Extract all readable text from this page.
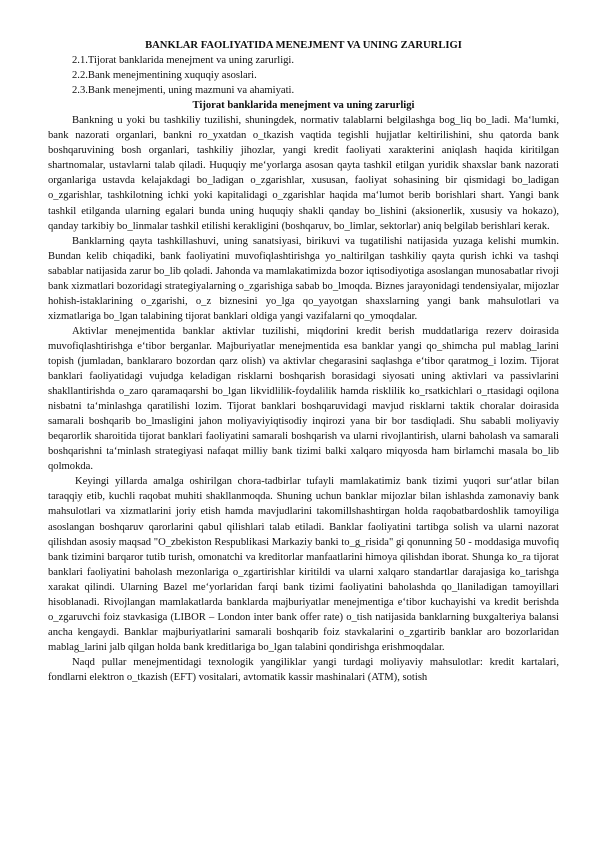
BANKLAR FAOLIYATIDA MENEJMENT VA UNING ZARURLIGI
2.1.Tijorat banklarida menejment va uning zarurligi.
2.2.Bank menejmentining xuquqiy asoslari.
2.3.Bank menejmenti, uning mazmuni va ahamiyati.
Tijorat banklarida menejment va uning zarurligi

Bankning u yoki bu tashkiliy tuzilishi, shuningdek, normativ talablarni belgilashga bog_liq bo_ladi. Ma‘lumki, bank nazorati organlari, bankni ro_yxatdan o_tkazish vaqtida tegishli hujjatlar keltirilishini, shu qatorda bank boshqaruvining bosh organlari, tashkiliy jihozlar, yangi kredit faoliyati xarakterini aniqlash haqida kiritilgan shartnomalar, ustavlarni talab qiladi. Huquqiy me‘yorlarga asosan qayta tashkil etilgan yuridik shaxslar bank nazorati organlariga ustavda kelajakdagi bo_ladigan o_zgarishlar, xususan, faoliyat sohasining bir qismidagi bo_ladigan o_zgarishlar, tashkilotning ichki yoki kapitalidagi o_zgarishlar haqida ma‘lumot berib borishlari shart. Yangi bank tashkil etilganda ularning egalari bunda uning huquqiy shakli qanday bo_lishini (aksionerlik, xususiy va hokazo), qanday tarkibiy bo_linmalar tashkil etilishi kerakligini (boshqaruv, bo_limlar, sektorlar) aniq belgilab berishlari kerak.

Banklarning qayta tashkillashuvi, uning sanatsiyasi, birikuvi va tugatilishi natijasida yuzaga kelishi mumkin. Bundan kelib chiqadiki, bank faoliyatini muvofiqlashtirishga yo_naltirilgan tashkiliy qayta qurish ichki va tashqi sabablar natijasida zarur bo_lib qoladi. Jahonda va mamlakatimizda bozor iqtisodiyotiga asoslangan munosabatlar rivoji bank xizmatlari bozoridagi strategiyalarning o_zgarishiga sabab bo_lmoqda. Biznes jarayonidagi tendensiyalar, mijozlar hohish-istaklarining o_zgarishi, o_z biznesini yo_lga qo_yayotgan shaxslarning yangi bank mahsulotlari va xizmatlariga bo_lgan talabining tijorat banklari oldiga yangi vazifalarni qo_ymoqdalar.

Aktivlar menejmentida banklar aktivlar tuzilishi, miqdorini kredit berish muddatlariga rezerv doirasida muvofiqlashtirishga e‘tibor berganlar. Majburiyatlar menejmentida esa banklar yangi qo_shimcha pul mablag_larini topish (jumladan, banklararo bozordan qarz olish) va aktivlar chegarasini saqlashga e‘tibor qaratmog_i lozim. Tijorat banklari faoliyatidagi vujudga keladigan risklarni boshqarish borasidagi siyosati uning aktivlari va passivlarini shakllantirishda o_zaro qaramaqarshi bo_lgan likvidlilik-foydalilik hamda risklilik ko_rsatkichlari o_rtasidagi oqilona nisbatni ta‘minlashga qaratilishi lozim. Tijorat banklari boshqaruvidagi mavjud risklarni taktik choralar doirasida samarali boshqarib bo_lmasligini jahon moliyaviyiqtisodiy inqirozi yana bir bor tasdiqladi. Shu sababli moliyaviy beqarorlik sharoitida tijorat banklari faoliyatini samarali boshqarish va ularni rivojlantirish, ularni baholash va samarali boshqarishni ta‘minlash strategiyasi nafaqat milliy bank tizimi balki xalqaro miqyosda ham birlamchi masala bo_lib qolmokda.

Keyingi yillarda amalga oshirilgan chora-tadbirlar tufayli mamlakatimiz bank tizimi yuqori sur‘atlar bilan taraqqiy etib, kuchli raqobat muhiti shakllanmoqda. Shuning uchun banklar mijozlar bilan ishlashda zamonaviy bank mahsulotlari va xizmatlarini joriy etish hamda mavjudlarini takomillshashtirgan holda raqobatbardoshlik tamoyiliga asoslangan boshqaruv qarorlarini qabul qilishlari talab etiladi. Banklar faoliyatini tartibga solish va ularni nazorat qilishdan asosiy maqsad "O_zbekiston Respublikasi Markaziy banki to_g_risida" gi qonunning 50 - moddasiga muvofiq bank tizimini barqaror tutib turish, omonatchi va kreditorlar manfaatlarini himoya qilishdan iborat. Shunga ko_ra tijorat banklari faoliyatini baholash mezonlariga o_zgartirishlar kiritildi va ularni xalqaro standartlar darajasiga ko_tarishga xarakat qilindi. Ularning Bazel me‘yorlaridan farqi bank tizimi faoliyatini baholashda qo_llaniladigan tamoyillari hisoblanadi. Rivojlangan mamlakatlarda banklarda majburiyatlar menejmentiga e‘tibor kuchayishi va kredit berishda o_zgaruvchi foiz stavkasiga (LIBOR – London inter bank offer rate) o_tish natijasida banklarning buxgalteriya balansi ancha kengaydi. Banklar majburiyatlarini samarali boshqarib foiz stavkalarini o_zgartirib banklar aro bozorlaridan mablag_larini jalb qilgan holda bank kreditlariga bo_lgan talabini qondirishga erishmoqdalar.

Naqd pullar menejmentidagi texnologik yangiliklar yangi turdagi moliyaviy mahsulotlar: kredit kartalari, fondlarni elektron o_tkazish (EFT) vositalari, avtomatik kassir mashinalari (ATM), sotish
